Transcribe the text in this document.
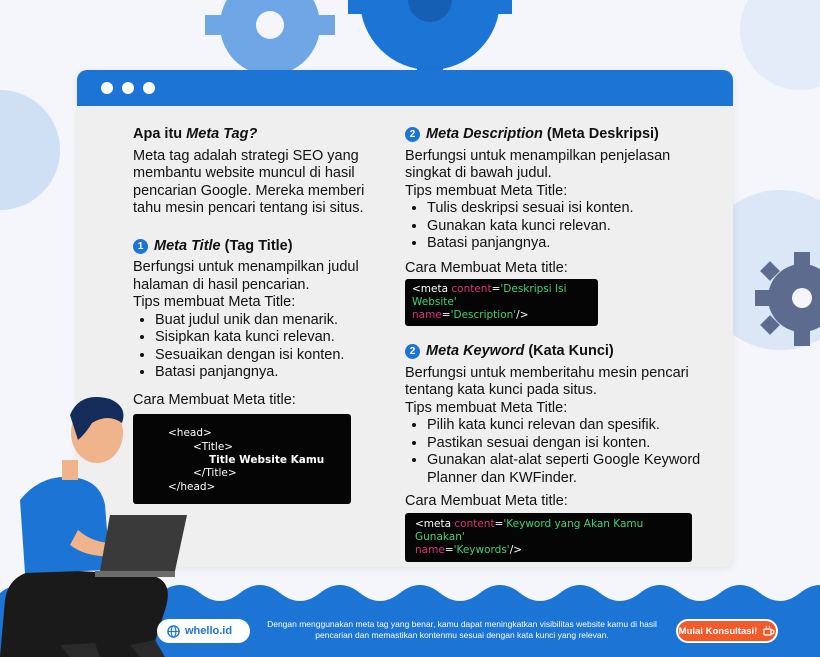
Apa itu Meta Tag?

Meta tag adalah strategi SEO yang membantu website muncul di hasil pencarian Google. Mereka memberi tahu mesin pencari tentang isi situs.

1 Meta Title (Tag Title)

Berfungsi untuk menampilkan judul halaman di hasil pencarian.

Tips membuat Meta Title:

• Buat judul unik dan menarik.
• Sisipkan kata kunci relevan.
• Sesuaikan dengan isi konten.
• Batasi panjangnya.

Cara Membuat Meta title:

<head>
<Title>
Title Website Kamu
</Title>
</head>
2 Meta Description (Meta Deskripsi)

Berfungsi untuk menampilkan penjelasan singkat di bawah judul.

Tips membuat Meta Title:

• Tulis deskripsi sesuai isi konten.
• Gunakan kata kunci relevan.
• Batasi panjangnya.

Cara Membuat Meta title:

<meta content='Deskripsi Isi Website'
name='Description'/>
2 Meta Keyword (Kata Kunci)

Berfungsi untuk memberitahu mesin pencari tentang kata kunci pada situs.

Tips membuat Meta Title:

• Pilih kata kunci relevan dan spesifik.
• Pastikan sesuai dengan isi konten.
• Gunakan alat-alat seperti Google Keyword Planner dan KWFinder.

Cara Membuat Meta title:

<meta content='Keyword yang Akan Kamu Gunakan'
name='Keywords'/>
whello.id
Dengan menggunakan meta tag yang benar, kamu dapat meningkatkan visibilitas website kamu di hasil pencarian dan memastikan kontenmu sesuai dengan kata kunci yang relevan.	Mulai Konsultasi!
